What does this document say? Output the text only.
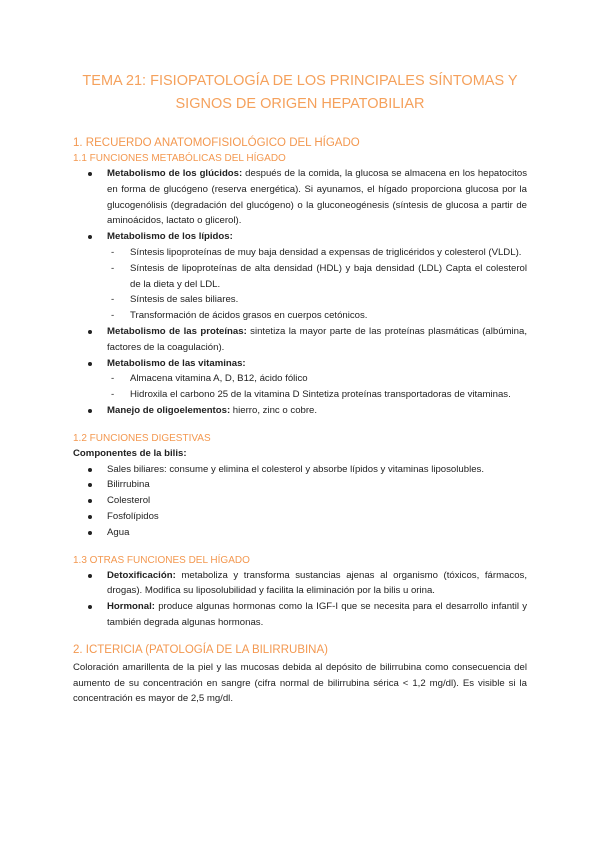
TEMA 21: FISIOPATOLOGÍA DE LOS PRINCIPALES SÍNTOMAS Y SIGNOS DE ORIGEN HEPATOBILIAR
1. RECUERDO ANATOMOFISIOLÓGICO DEL HÍGADO
1.1 FUNCIONES METABÓLICAS DEL HÍGADO
Metabolismo de los glúcidos: después de la comida, la glucosa se almacena en los hepatocitos en forma de glucógeno (reserva energética). Si ayunamos, el hígado proporciona glucosa por la glucogenólisis (degradación del glucógeno) o la gluconeogénesis (síntesis de glucosa a partir de aminoácidos, lactato o glicerol).
Metabolismo de los lípidos:
- Síntesis lipoproteínas de muy baja densidad a expensas de triglicéridos y colesterol (VLDL).
- Síntesis de lipoproteínas de alta densidad (HDL) y baja densidad (LDL) Capta el colesterol de la dieta y del LDL.
- Síntesis de sales biliares.
- Transformación de ácidos grasos en cuerpos cetónicos.
Metabolismo de las proteínas: sintetiza la mayor parte de las proteínas plasmáticas (albúmina, factores de la coagulación).
Metabolismo de las vitaminas:
- Almacena vitamina A, D, B12, ácido fólico
- Hidroxila el carbono 25 de la vitamina D Sintetiza proteínas transportadoras de vitaminas.
Manejo de oligoelementos: hierro, zinc o cobre.
1.2 FUNCIONES DIGESTIVAS
Componentes de la bilis:
Sales biliares: consume y elimina el colesterol y absorbe lípidos y vitaminas liposolubles.
Bilirrubina
Colesterol
Fosfolípidos
Agua
1.3 OTRAS FUNCIONES DEL HÍGADO
Detoxificación: metaboliza y transforma sustancias ajenas al organismo (tóxicos, fármacos, drogas). Modifica su liposolubilidad y facilita la eliminación por la bilis u orina.
Hormonal: produce algunas hormonas como la IGF-I que se necesita para el desarrollo infantil y también degrada algunas hormonas.
2. ICTERICIA (PATOLOGÍA DE LA BILIRRUBINA)
Coloración amarillenta de la piel y las mucosas debida al depósito de bilirrubina como consecuencia del aumento de su concentración en sangre (cifra normal de bilirrubina sérica < 1,2 mg/dl). Es visible si la concentración es mayor de 2,5 mg/dl.
